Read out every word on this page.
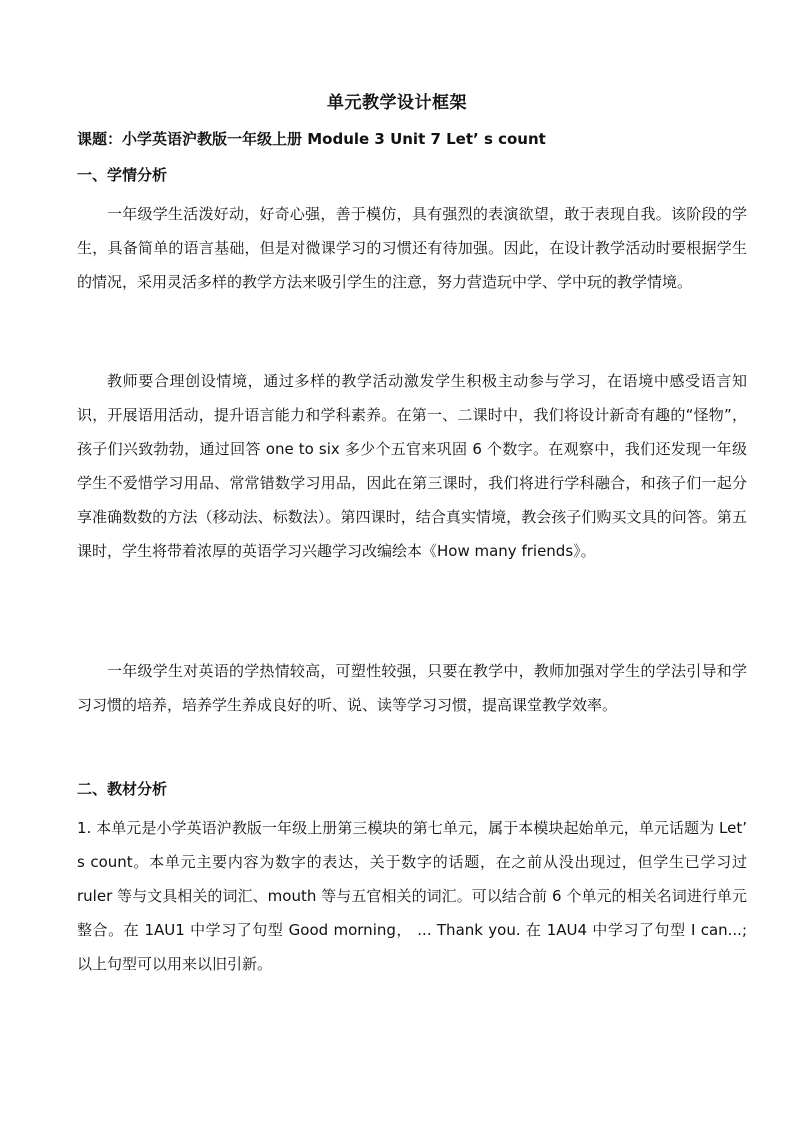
单元教学设计框架
课题：小学英语沪教版一年级上册 Module 3 Unit 7 Let’ s count
一、学情分析

一年级学生活泼好动，好奇心强，善于模仿，具有强烈的表演欲望，敢于表现自我。该阶段的学生，具备简单的语言基础，但是对微课学习的习惯还有待加强。因此，在设计教学活动时要根据学生的情况，采用灵活多样的教学方法来吸引学生的注意，努力营造玩中学、学中玩的教学情境。

教师要合理创设情境，通过多样的教学活动激发学生积极主动参与学习，在语境中感受语言知识，开展语用活动，提升语言能力和学科素养。在第一、二课时中，我们将设计新奇有趣的“怪物”，孩子们兴致勃勃，通过回答 one to six 多少个五官来巩固 6 个数字。在观察中，我们还发现一年级学生不爱惜学习用品、常常错数学习用品，因此在第三课时，我们将进行学科融合，和孩子们一起分享准确数数的方法（移动法、标数法）。第四课时，结合真实情境，教会孩子们购买文具的问答。第五课时，学生将带着浓厚的英语学习兴趣学习改编绘本《How many friends》。

一年级学生对英语的学热情较高，可塑性较强，只要在教学中，教师加强对学生的学法引导和学习习惯的培养，培养学生养成良好的听、说、读等学习习惯，提高课堂教学效率。

二、教材分析

1. 本单元是小学英语沪教版一年级上册第三模块的第七单元，属于本模块起始单元，单元话题为 Let’ s count。本单元主要内容为数字的表达，关于数字的话题，在之前从没出现过，但学生已学习过 ruler 等与文具相关的词汇、mouth 等与五官相关的词汇。可以结合前 6 个单元的相关名词进行单元整合。在 1AU1 中学习了句型 Good morning， ... Thank you. 在 1AU4 中学习了句型 I can...; 以上句型可以用来以旧引新。
